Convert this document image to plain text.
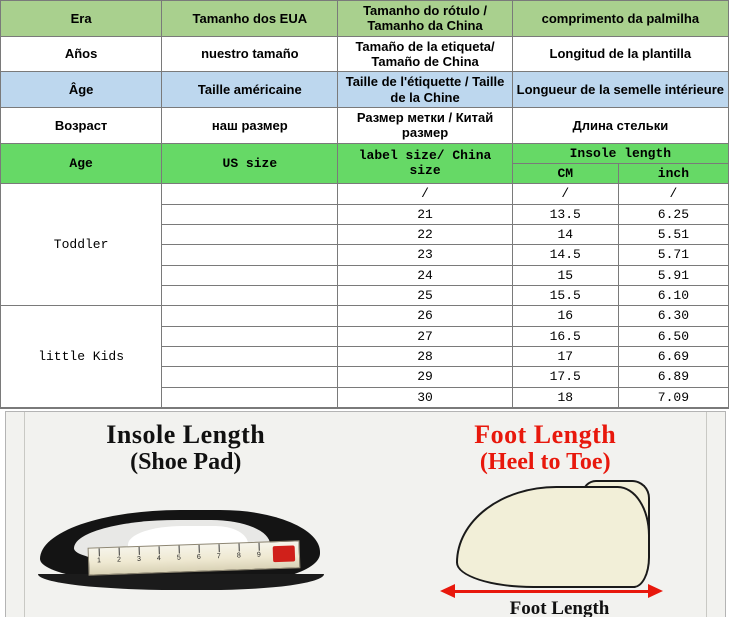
Era	Tamanho dos EUA	Tamanho do rótulo / Tamanho da China	comprimento da palmilha	
Años	nuestro tamaño	Tamaño de la etiqueta/ Tamaño de China	Longitud de la plantilla	
Âge	Taille américaine	Taille de l'étiquette / Taille de la Chine	Longueur de la semelle intérieure	
Возраст	наш размер	Размер метки / Китай размер	Длина стельки	
Age	US size	label size/ China size	Insole length	
			CM	inch
Toddler		/	/	/
		21	13.5	6.25
		22	14	5.51
		23	14.5	5.71
		24	15	5.91
		25	15.5	6.10
little Kids		26	16	6.30
		27	16.5	6.50
		28	17	6.69
		29	17.5	6.89
		30	18	7.09
Insole Length
(Shoe Pad)
1 2 3 4 5 6 7 8 9
Foot Length
(Heel to Toe)
Foot Length
